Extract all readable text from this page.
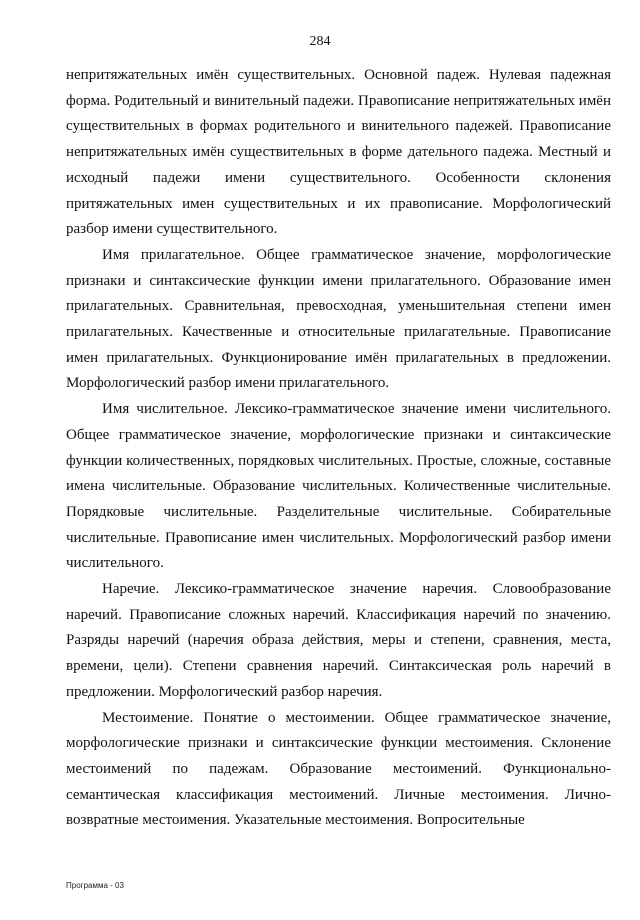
284

непритяжательных имён существительных. Основной падеж. Нулевая падежная форма. Родительный и винительный падежи. Правописание непритяжательных имён существительных в формах родительного и винительного падежей. Правописание непритяжательных имён существительных в форме дательного падежа. Местный и исходный падежи имени существительного. Особенности склонения притяжательных имен существительных и их правописание. Морфологический разбор имени существительного.

Имя прилагательное. Общее грамматическое значение, морфологические признаки и синтаксические функции имени прилагательного. Образование имен прилагательных. Сравнительная, превосходная, уменьшительная степени имен прилагательных. Качественные и относительные прилагательные. Правописание имен прилагательных. Функционирование имён прилагательных в предложении. Морфологический разбор имени прилагательного.

Имя числительное. Лексико-грамматическое значение имени числительного. Общее грамматическое значение, морфологические признаки и синтаксические функции количественных, порядковых числительных. Простые, сложные, составные имена числительные. Образование числительных. Количественные числительные. Порядковые числительные. Разделительные числительные. Собирательные числительные. Правописание имен числительных. Морфологический разбор имени числительного.

Наречие. Лексико-грамматическое значение наречия. Словообразование наречий. Правописание сложных наречий. Классификация наречий по значению. Разряды наречий (наречия образа действия, меры и степени, сравнения, места, времени, цели). Степени сравнения наречий. Синтаксическая роль наречий в предложении. Морфологический разбор наречия.

Местоимение. Понятие о местоимении. Общее грамматическое значение, морфологические признаки и синтаксические функции местоимения. Склонение местоимений по падежам. Образование местоимений. Функционально-семантическая классификация местоимений. Личные местоимения. Лично-возвратные местоимения. Указательные местоимения. Вопросительные

Программа - 03
